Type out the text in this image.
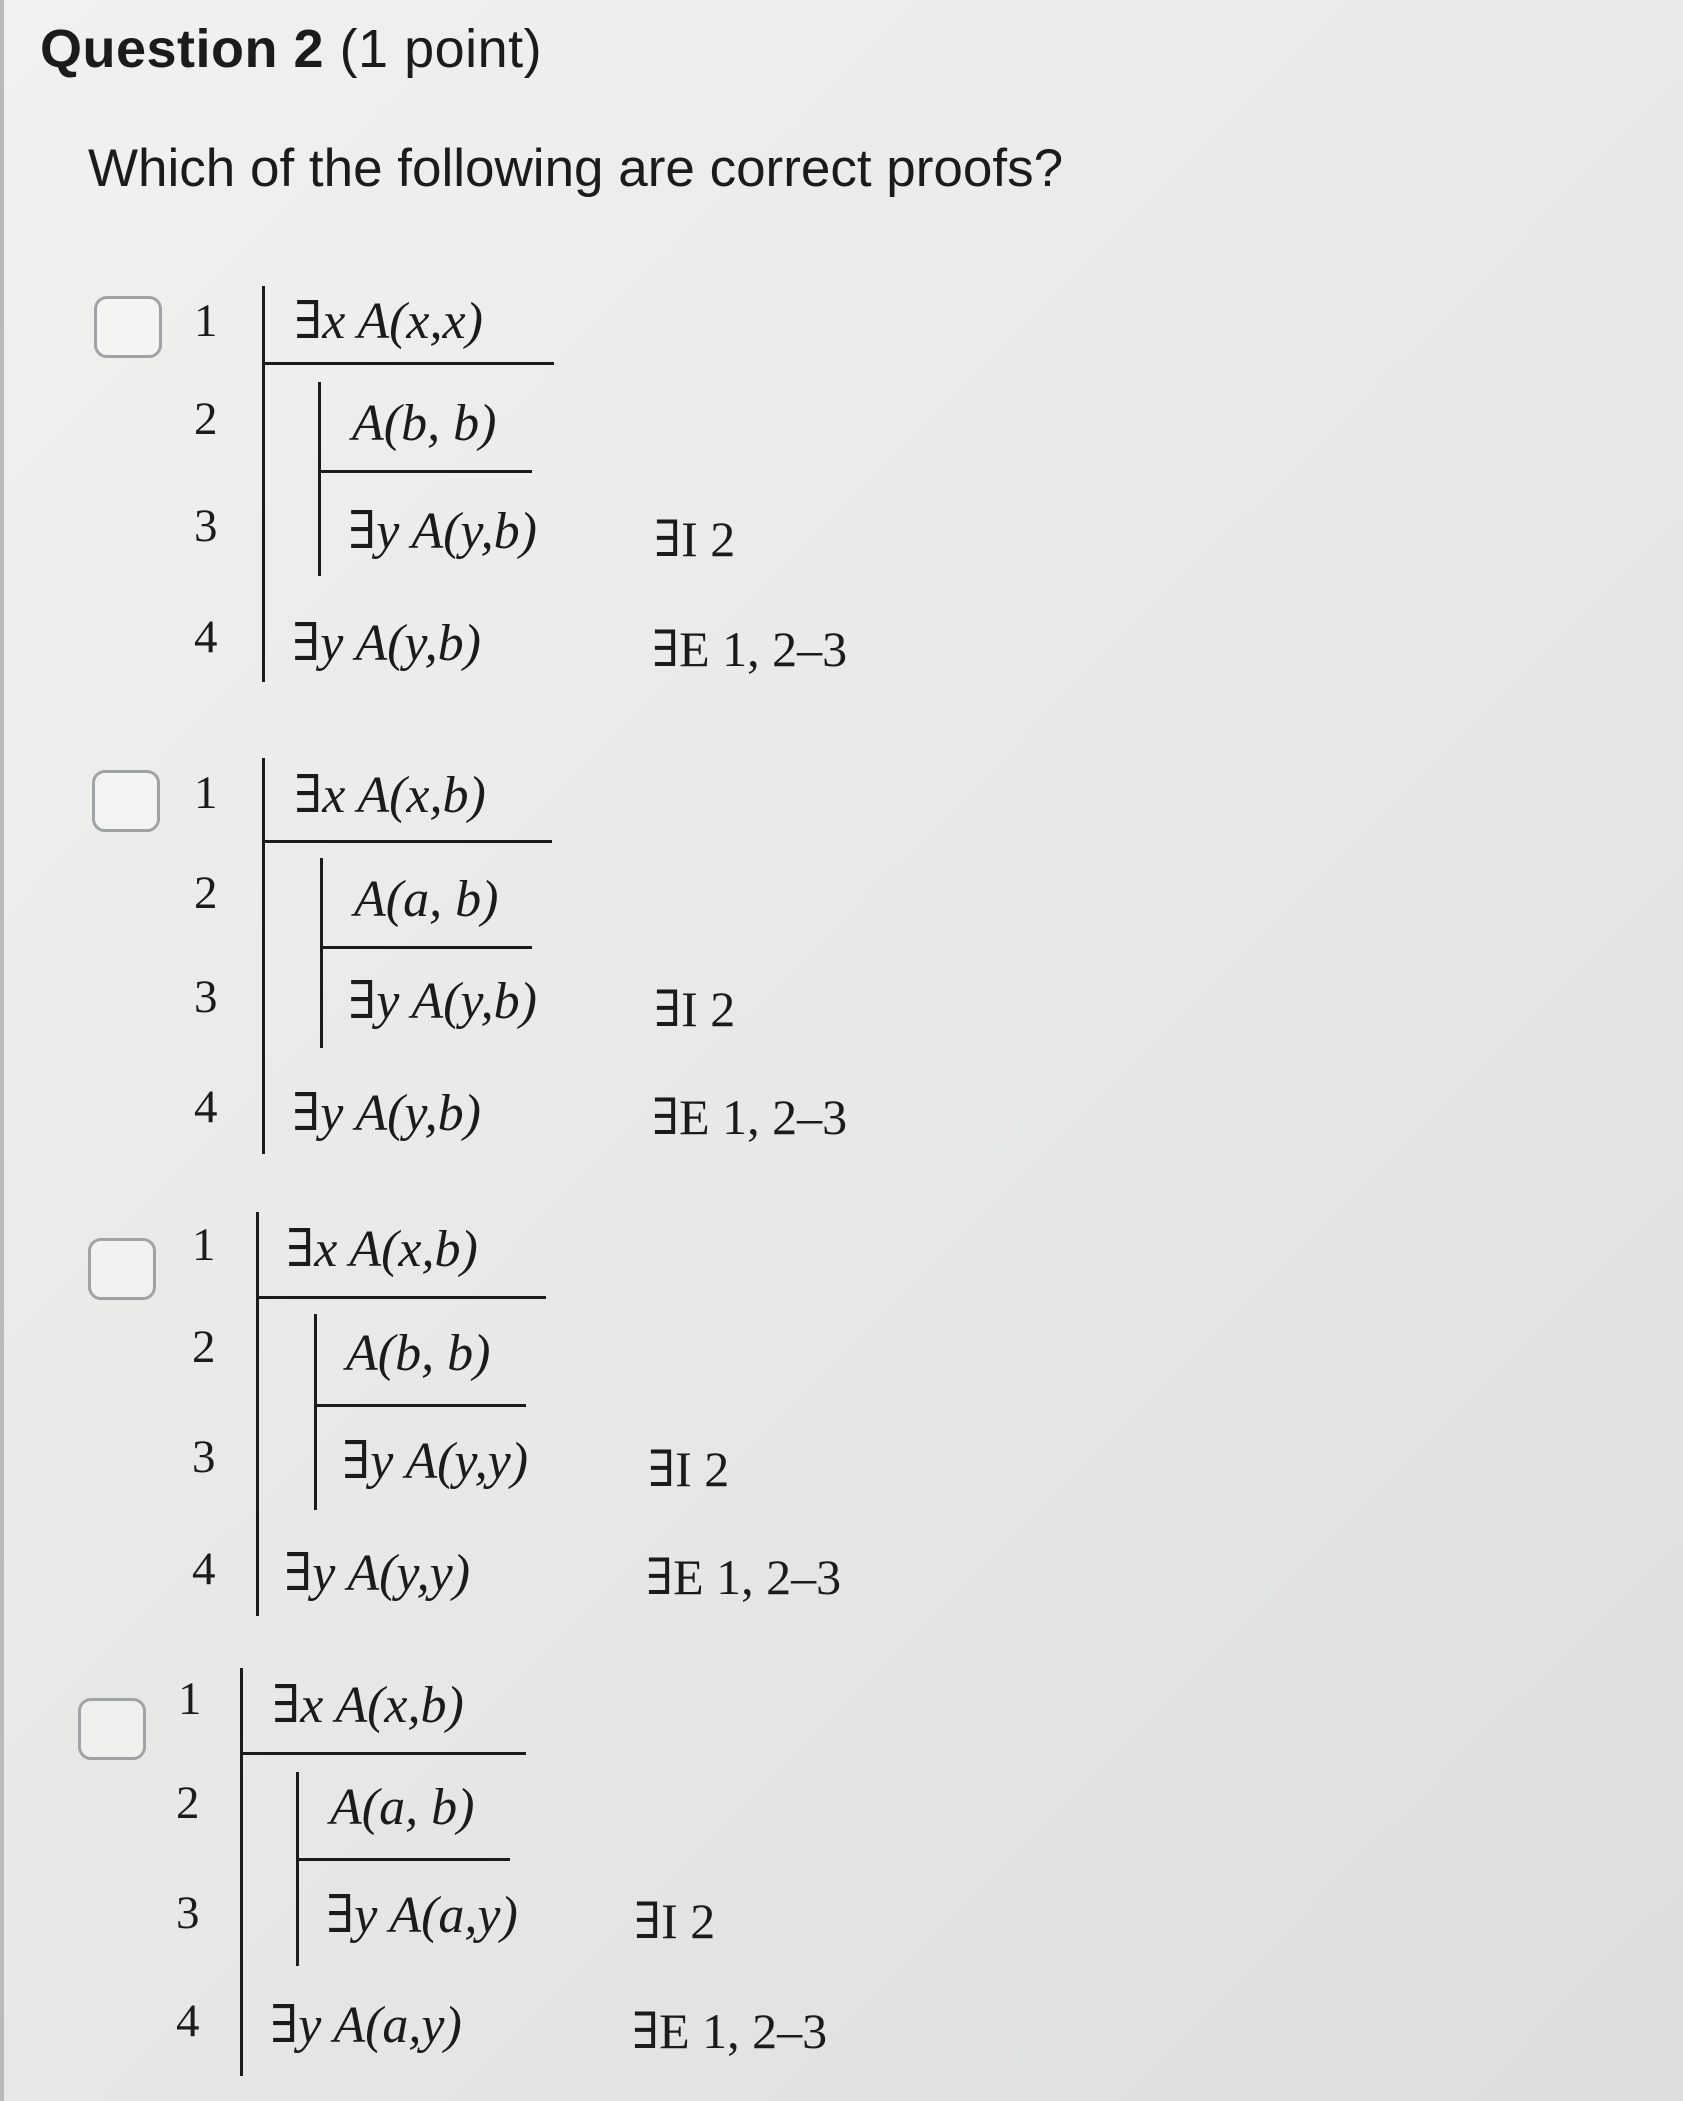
Question 2 (1 point)
Which of the following are correct proofs?
1
2
3
4
∃x A(x,x)
A(b, b)
∃y A(y,b)
∃y A(y,b)
∃I 2
∃E 1, 2–3
1
2
3
4
∃x A(x,b)
A(a, b)
∃y A(y,b)
∃y A(y,b)
∃I 2
∃E 1, 2–3
1
2
3
4
∃x A(x,b)
A(b, b)
∃y A(y,y)
∃y A(y,y)
∃I 2
∃E 1, 2–3
1
2
3
4
∃x A(x,b)
A(a, b)
∃y A(a,y)
∃y A(a,y)
∃I 2
∃E 1, 2–3
